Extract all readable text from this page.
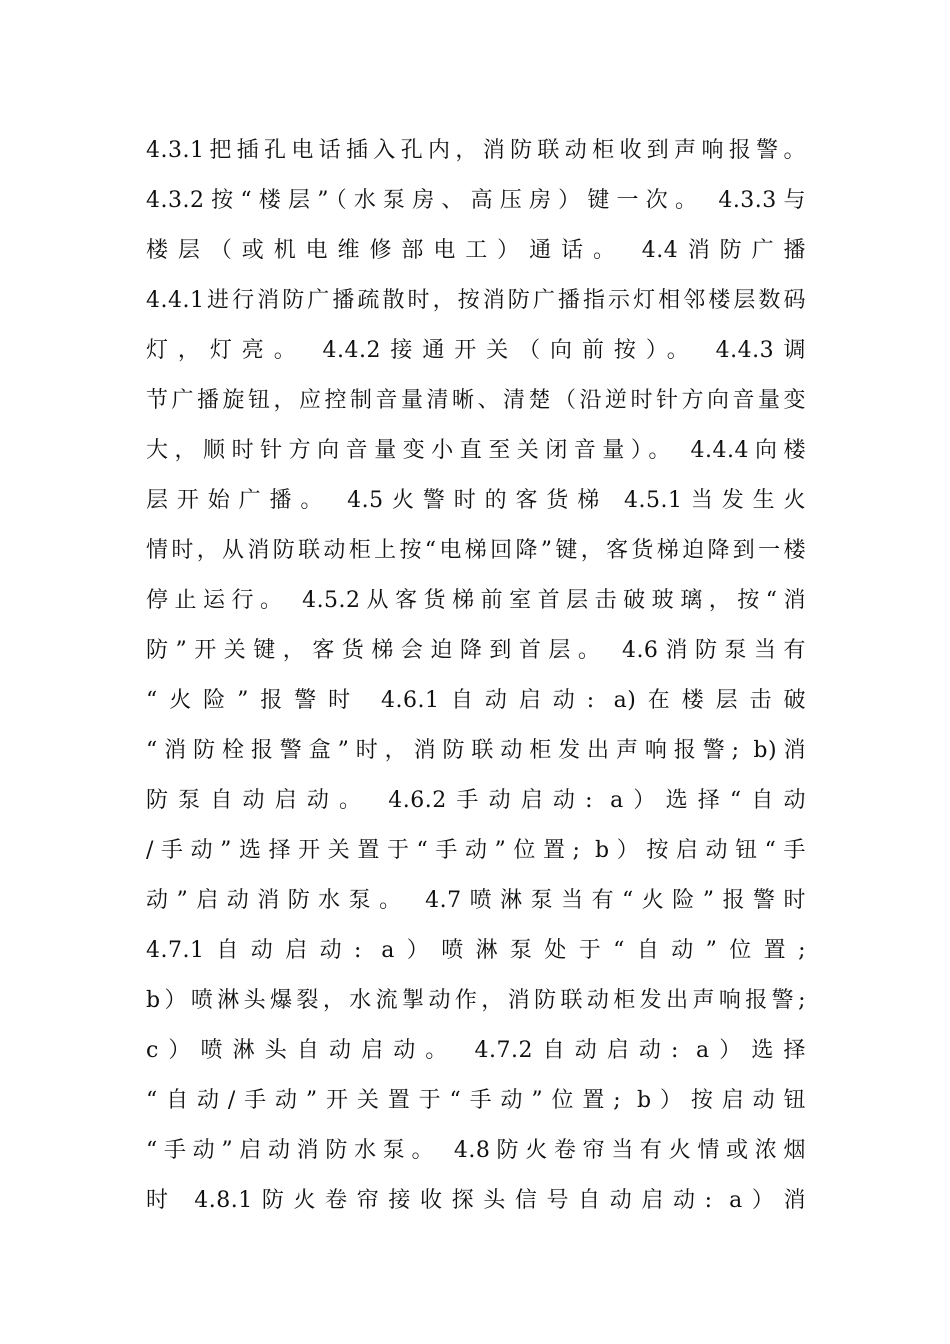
4.3.1把插孔电话插入孔内，消防联动柜收到声响报警。
4.3.2按“楼层”（水泵房、高压房）键一次。 4.3.3与
楼层（或机电维修部电工）通话。 4.4消防广播
4.4.1进行消防广播疏散时，按消防广播指示灯相邻楼层数码
灯，灯亮。 4.4.2接通开关（向前按）。 4.4.3调
节广播旋钮，应控制音量清晰、清楚（沿逆时针方向音量变
大，顺时针方向音量变小直至关闭音量）。 4.4.4向楼
层开始广播。 4.5火警时的客货梯 4.5.1当发生火
情时，从消防联动柜上按“电梯回降”键，客货梯迫降到一楼
停止运行。 4.5.2从客货梯前室首层击破玻璃，按“消
防”开关键，客货梯会迫降到首层。 4.6消防泵当有
“火险”报警时 4.6.1自动启动: a)在楼层击破
“消防栓报警盒”时，消防联动柜发出声响报警; b)消
防泵自动启动。 4.6.2手动启动: a）选择“自动
/手动”选择开关置于“手动”位置; b）按启动钮“手
动”启动消防水泵。 4.7喷淋泵当有“火险”报警时
4.7.1自动启动: a）喷淋泵处于“自动”位置;
b）喷淋头爆裂，水流掣动作，消防联动柜发出声响报警;
c）喷淋头自动启动。 4.7.2自动启动: a）选择
“自动/手动”开关置于“手动”位置; b）按启动钮
“手动”启动消防水泵。 4.8防火卷帘当有火情或浓烟
时 4.8.1防火卷帘接收探头信号自动启动: a）消
